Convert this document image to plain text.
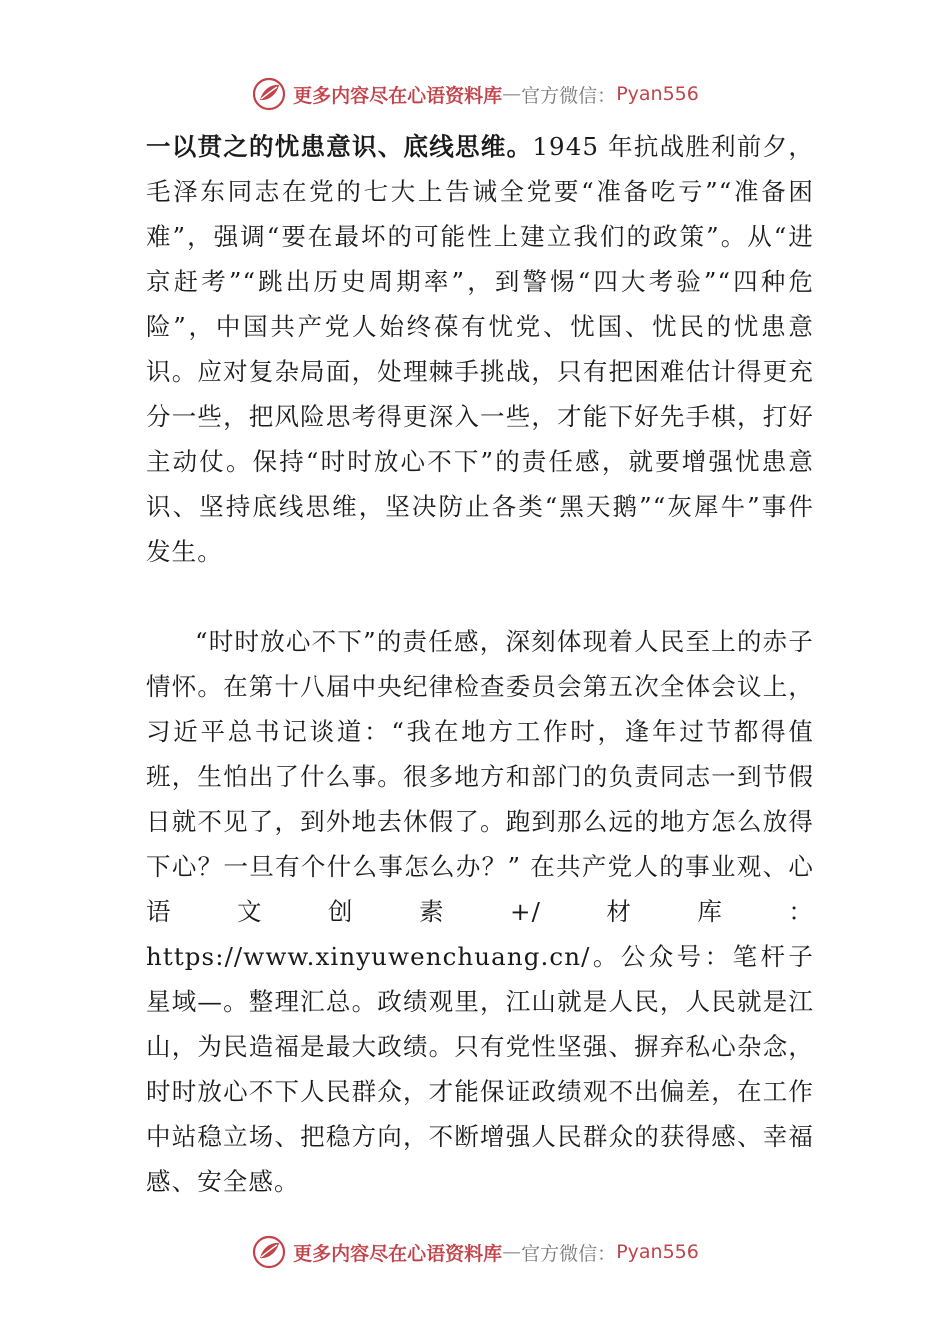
更多内容尽在心语资料库 — 官方微信： Pyan556

一以贯之的忧患意识、底线思维。1945 年抗战胜利前夕，毛泽东同志在党的七大上告诫全党要“准备吃亏”“准备困难”，强调“要在最坏的可能性上建立我们的政策”。从“进京赶考”“跳出历史周期率”，到警惕“四大考验”“四种危险”，中国共产党人始终葆有忧党、忧国、忧民的忧患意识。应对复杂局面，处理棘手挑战，只有把困难估计得更充分一些，把风险思考得更深入一些，才能下好先手棋，打好主动仗。保持“时时放心不下”的责任感，就要增强忧患意识、坚持底线思维，坚决防止各类“黑天鹅”“灰犀牛”事件发生。

“时时放心不下”的责任感，深刻体现着人民至上的赤子情怀。在第十八届中央纪律检查委员会第五次全体会议上，习近平总书记谈道：“我在地方工作时，逢年过节都得值班，生怕出了什么事。很多地方和部门的负责同志一到节假日就不见了，到外地去休假了。跑到那么远的地方怎么放得下心？一旦有个什么事怎么办？” 在共产党人的事业观、心语文创素+/材库：https://www.xinyuwenchuang.cn/。公众号：笔杆子星域—。整理汇总。政绩观里，江山就是人民，人民就是江山，为民造福是最大政绩。只有党性坚强、摒弃私心杂念，时时放心不下人民群众，才能保证政绩观不出偏差，在工作中站稳立场、把稳方向，不断增强人民群众的获得感、幸福感、安全感。

更多内容尽在心语资料库 — 官方微信： Pyan556
